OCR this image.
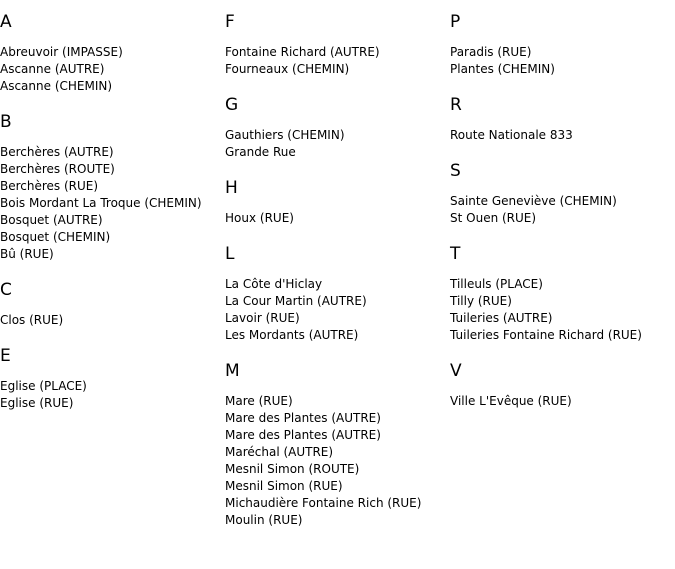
A
Abreuvoir (IMPASSE)
Ascanne (AUTRE)
Ascanne (CHEMIN)
B
Berchères (AUTRE)
Berchères (ROUTE)
Berchères (RUE)
Bois Mordant La Troque (CHEMIN)
Bosquet (AUTRE)
Bosquet (CHEMIN)
Bû (RUE)
C
Clos (RUE)
E
Eglise (PLACE)
Eglise (RUE)
F
Fontaine Richard (AUTRE)
Fourneaux (CHEMIN)
G
Gauthiers (CHEMIN)
Grande Rue
H
Houx (RUE)
L
La Côte d'Hiclay
La Cour Martin (AUTRE)
Lavoir (RUE)
Les Mordants (AUTRE)
M
Mare (RUE)
Mare des Plantes (AUTRE)
Mare des Plantes (AUTRE)
Maréchal (AUTRE)
Mesnil Simon (ROUTE)
Mesnil Simon (RUE)
Michaudière Fontaine Rich (RUE)
Moulin (RUE)
P
Paradis (RUE)
Plantes (CHEMIN)
R
Route Nationale 833
S
Sainte Geneviève (CHEMIN)
St Ouen (RUE)
T
Tilleuls (PLACE)
Tilly (RUE)
Tuileries (AUTRE)
Tuileries Fontaine Richard (RUE)
V
Ville L'Evêque (RUE)
